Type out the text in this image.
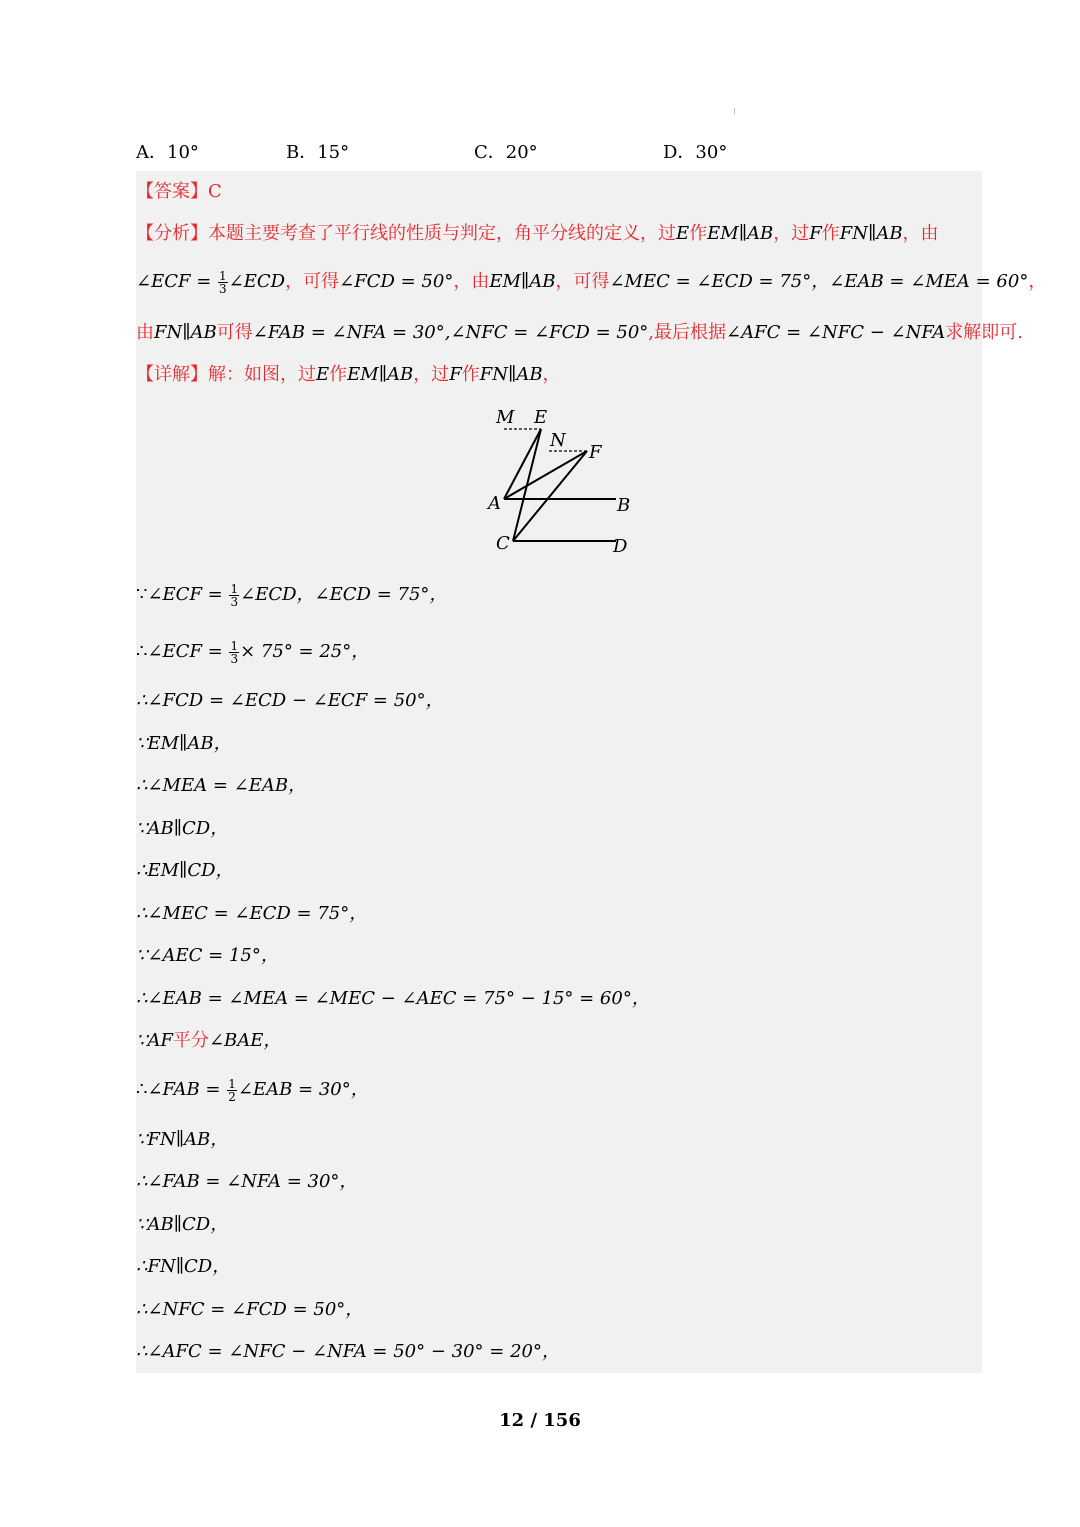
A．10°	B．15°	C．20°	D．30°
【答案】C
【分析】本题主要考查了平行线的性质与判定，角平分线的定义，过E作EM∥AB，过F作FN∥AB，由
∠ECF = $\frac{1}{3}$ ∠ECD，可得∠FCD = 50°，由EM∥AB，可得∠MEC = ∠ECD = 75°，∠EAB = ∠MEA = 60°，
由FN∥AB可得∠FAB = ∠NFA = 30°,∠NFC = ∠FCD = 50°,最后根据∠AFC = ∠NFC − ∠NFA求解即可.
【详解】解：如图，过E作EM∥AB，过F作FN∥AB，
M E
N
F
A	B
C	D
∵∠ECF = $\frac{1}{3}$ ∠ECD，∠ECD = 75°，
∴∠ECF = $\frac{1}{3} \times 75^\circ = 25^\circ$，
∴∠FCD = ∠ECD − ∠ECF = 50°，
∵EM∥AB，
∴∠MEA = ∠EAB，
∵AB∥CD，
∴EM∥CD，
∴∠MEC = ∠ECD = 75°，
∵∠AEC = 15°，
∴∠EAB = ∠MEA = ∠MEC − ∠AEC = 75° − 15° = 60°，
∵AF平分∠BAE，
∴∠FAB = $\frac{1}{2}$ ∠EAB = 30°，
∵FN∥AB，
∴∠FAB = ∠NFA = 30°，
∵AB∥CD，
∴FN∥CD，
∴∠NFC = ∠FCD = 50°，
∴∠AFC = ∠NFC − ∠NFA = 50° − 30° = 20°，
12 / 156
